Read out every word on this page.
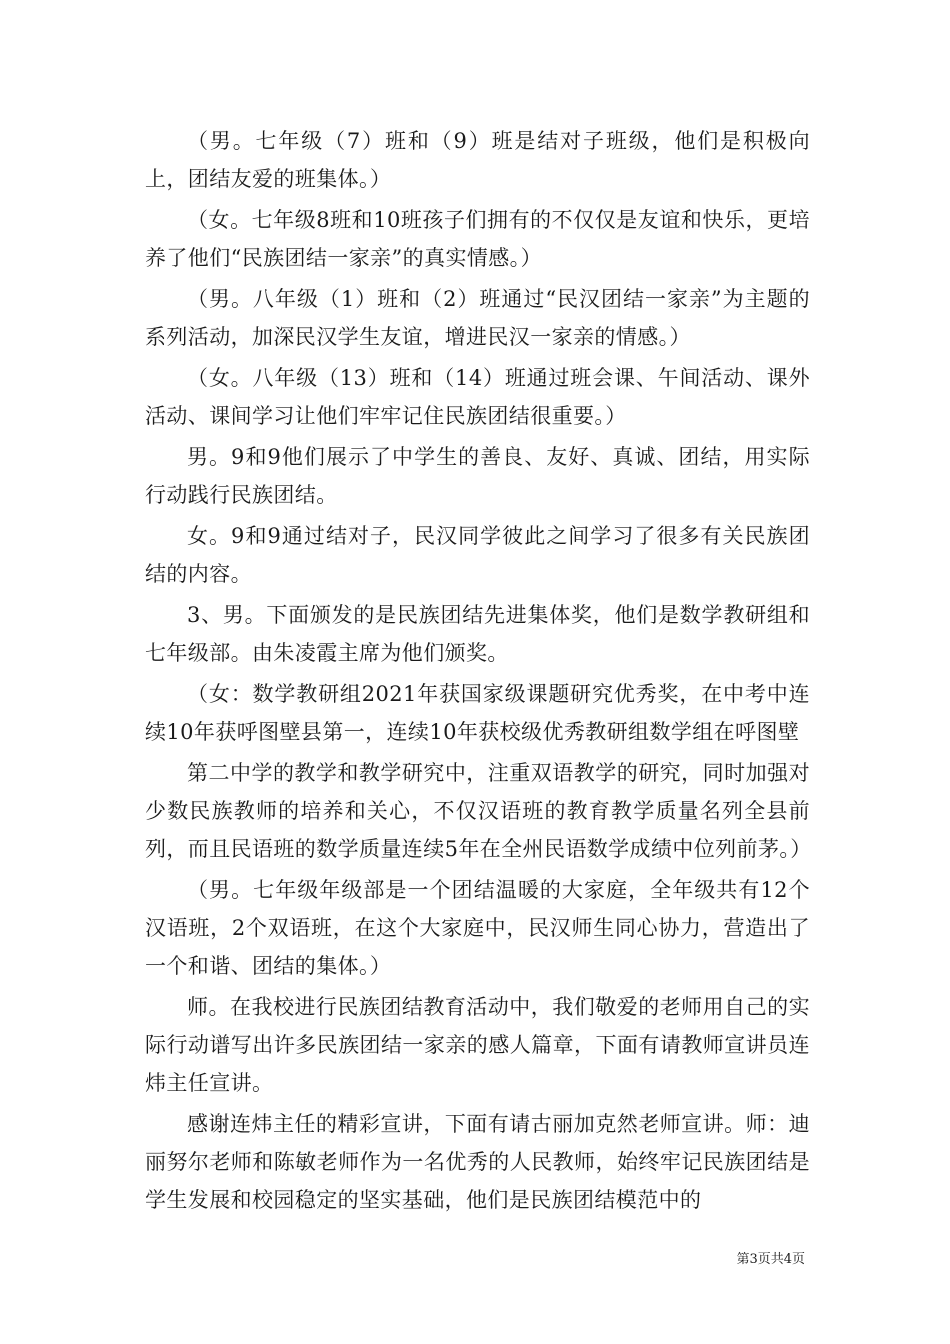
（男。七年级（7）班和（9）班是结对子班级，他们是积极向上，团结友爱的班集体。）

（女。七年级8班和10班孩子们拥有的不仅仅是友谊和快乐，更培养了他们“民族团结一家亲”的真实情感。）

（男。八年级（1）班和（2）班通过“民汉团结一家亲”为主题的系列活动，加深民汉学生友谊，增进民汉一家亲的情感。）

（女。八年级（13）班和（14）班通过班会课、午间活动、课外活动、课间学习让他们牢牢记住民族团结很重要。）

男。9和9他们展示了中学生的善良、友好、真诚、团结，用实际行动践行民族团结。

女。9和9通过结对子，民汉同学彼此之间学习了很多有关民族团结的内容。

3、男。下面颁发的是民族团结先进集体奖，他们是数学教研组和七年级部。由朱凌霞主席为他们颁奖。

（女：数学教研组2021年获国家级课题研究优秀奖，在中考中连续10年获呼图壁县第一，连续10年获校级优秀教研组数学组在呼图壁

第二中学的教学和教学研究中，注重双语教学的研究，同时加强对少数民族教师的培养和关心，不仅汉语班的教育教学质量名列全县前列，而且民语班的数学质量连续5年在全州民语数学成绩中位列前茅。）

（男。七年级年级部是一个团结温暖的大家庭，全年级共有12个汉语班，2个双语班，在这个大家庭中，民汉师生同心协力，营造出了一个和谐、团结的集体。）

师。在我校进行民族团结教育活动中，我们敬爱的老师用自己的实际行动谱写出许多民族团结一家亲的感人篇章，下面有请教师宣讲员连炜主任宣讲。

感谢连炜主任的精彩宣讲，下面有请古丽加克然老师宣讲。师：迪丽努尔老师和陈敏老师作为一名优秀的人民教师，始终牢记民族团结是学生发展和校园稳定的坚实基础，他们是民族团结模范中的

第3页共4页
